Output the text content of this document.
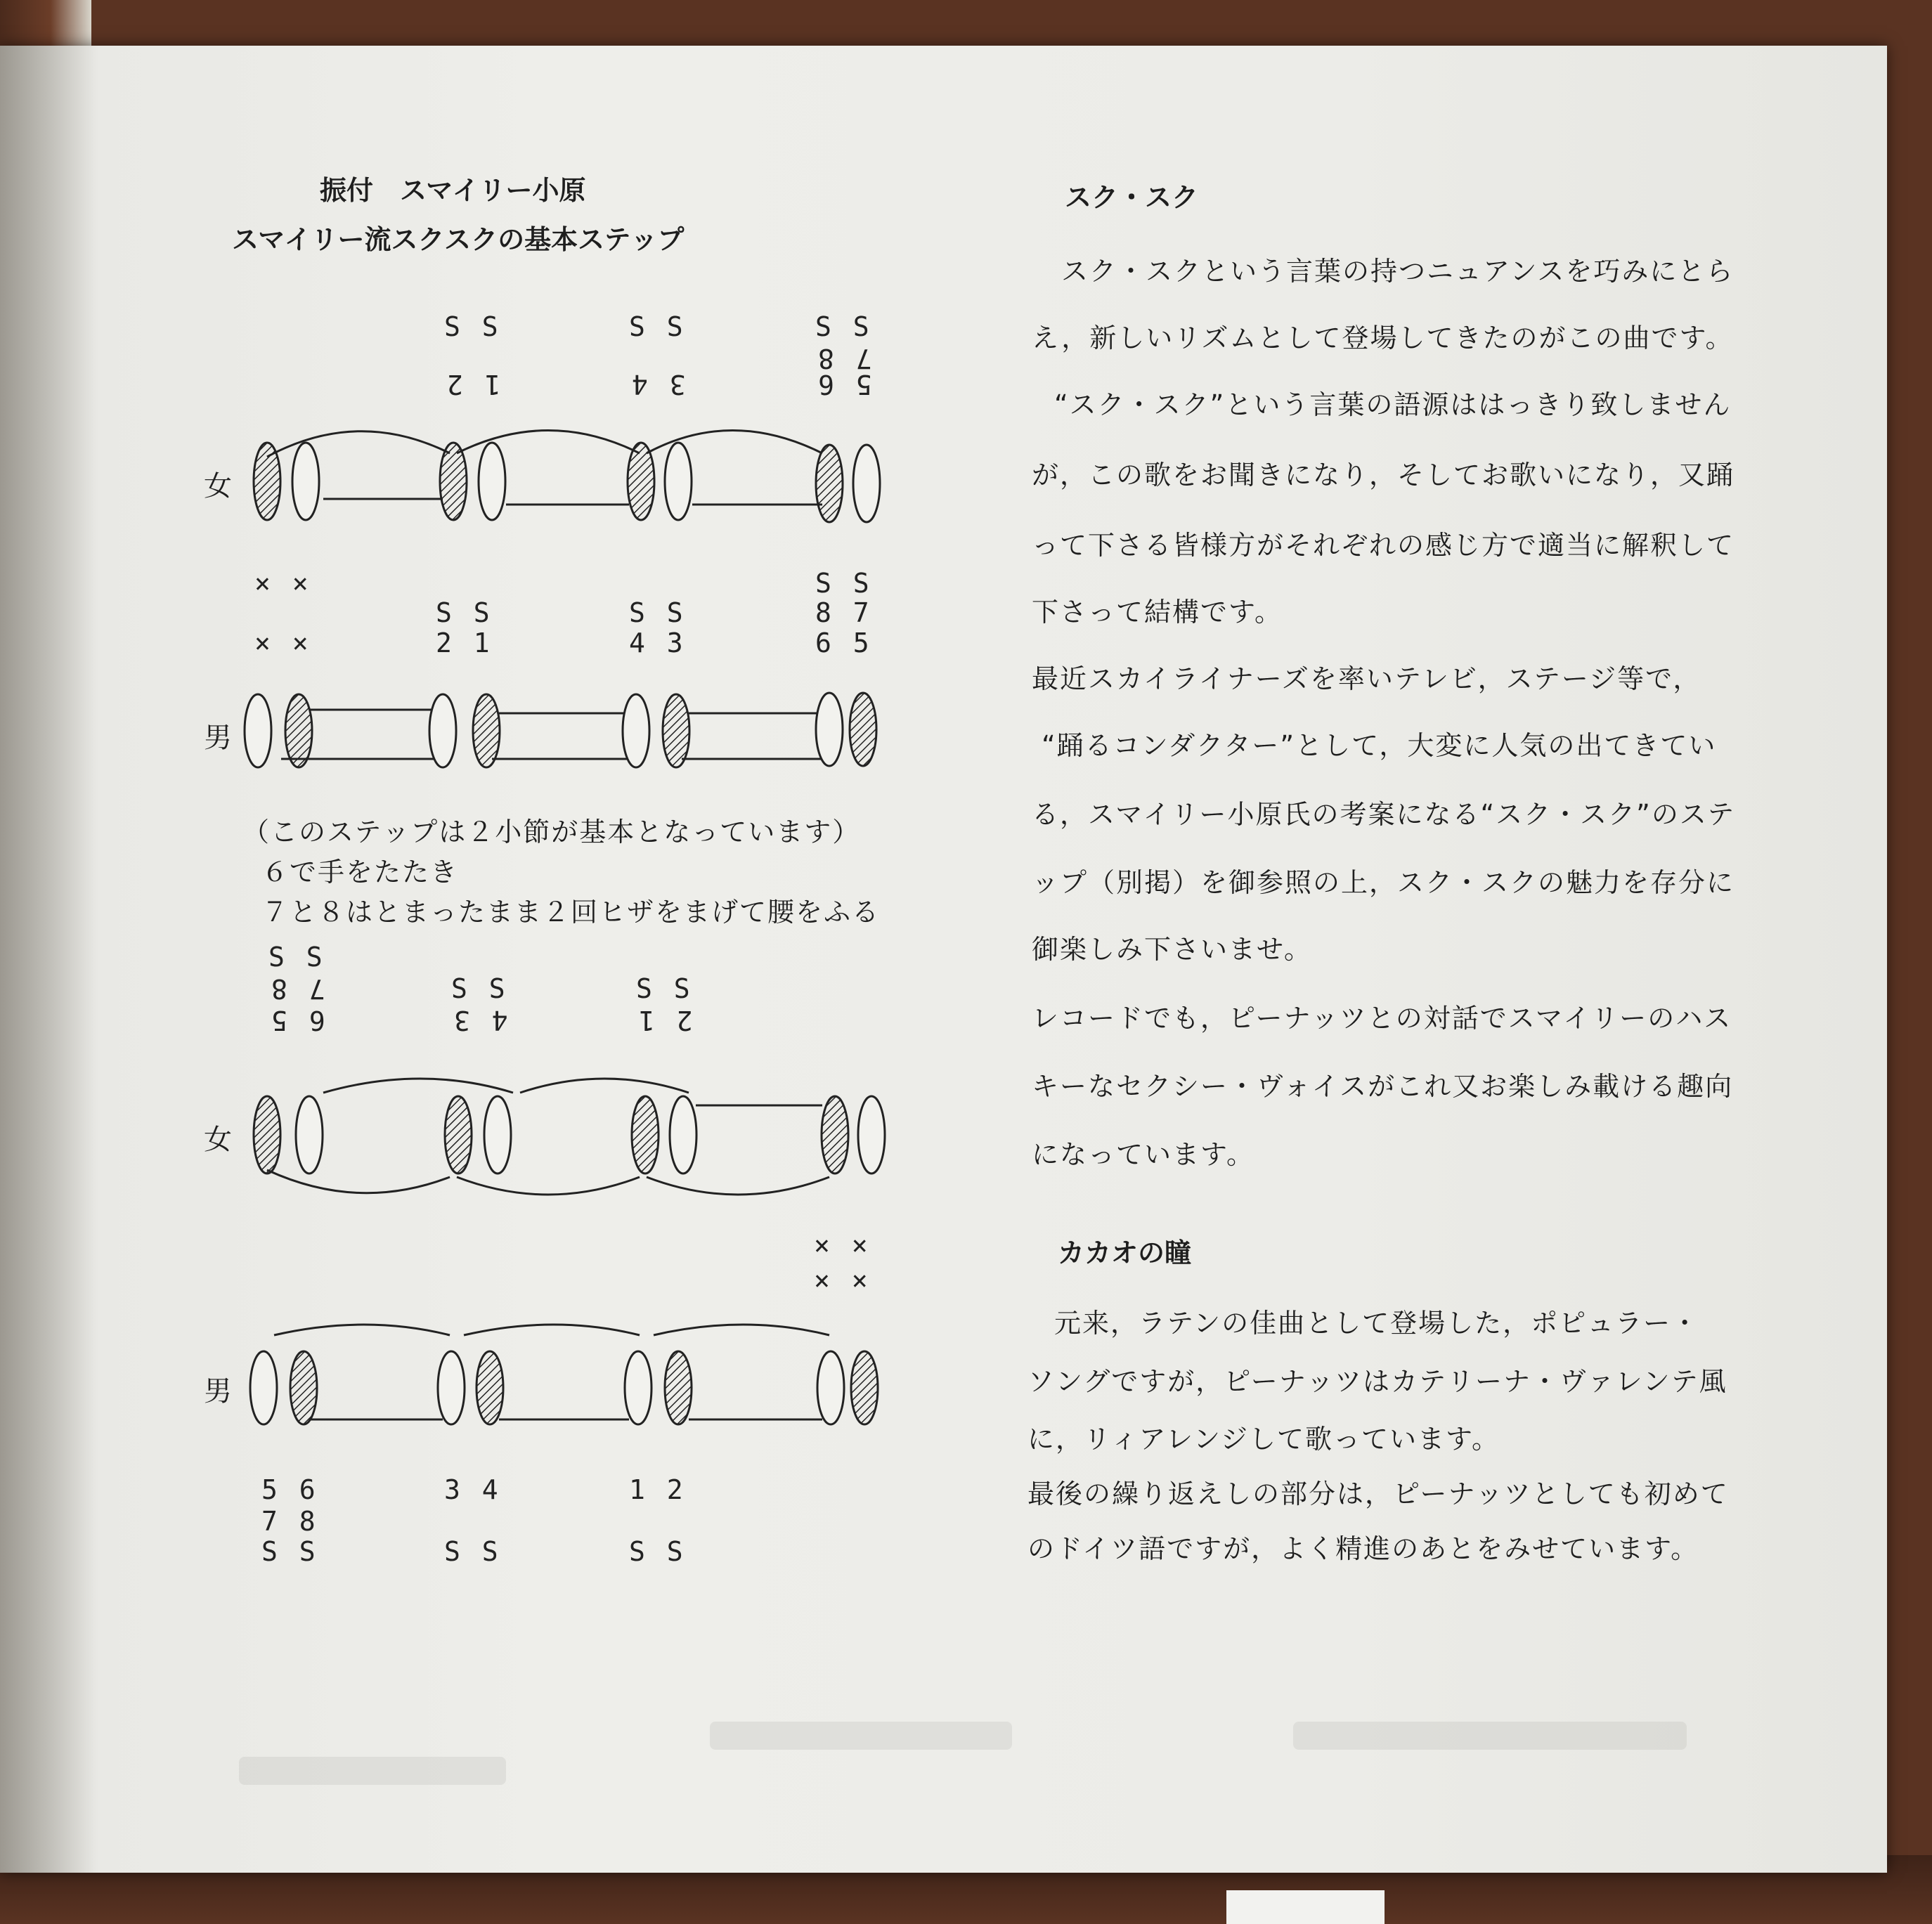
振付　スマイリー小原
スマイリー流スクスクの基本ステップ
S S	S S	S S
7 8
1 2	3 4	5 6
女
× ×
× ×
S S
S S	S S	8 7
2 1	4 3	6 5
男
（このステップは２小節が基本となっています）
６で手をたたき
７と８はとまったまま２回ヒザをまげて腰をふる
S S
7 8
6 5
S S	S S
4 3	2 1
女
× ×
× ×
男
5 6	3 4	1 2
7 8
S S	S S	S S
スク・スク
スク・スクという言葉の持つニュアンスを巧みにとら
え，新しいリズムとして登場してきたのがこの曲です。
“スク・スク”という言葉の語源ははっきり致しません
が，この歌をお聞きになり，そしてお歌いになり，又踊
って下さる皆様方がそれぞれの感じ方で適当に解釈して
下さって結構です。
最近スカイライナーズを率いテレビ，ステージ等で，
“踊るコンダクター”として，大変に人気の出てきてい
る，スマイリー小原氏の考案になる“スク・スク”のステ
ップ（別掲）を御参照の上，スク・スクの魅力を存分に
御楽しみ下さいませ。
レコードでも，ピーナッツとの対話でスマイリーのハス
キーなセクシー・ヴォイスがこれ又お楽しみ載ける趣向
になっています。
カカオの瞳
元来，ラテンの佳曲として登場した，ポピュラー・
ソングですが，ピーナッツはカテリーナ・ヴァレンテ風
に，リィアレンジして歌っています。
最後の繰り返えしの部分は，ピーナッツとしても初めて
のドイツ語ですが，よく精進のあとをみせています。
